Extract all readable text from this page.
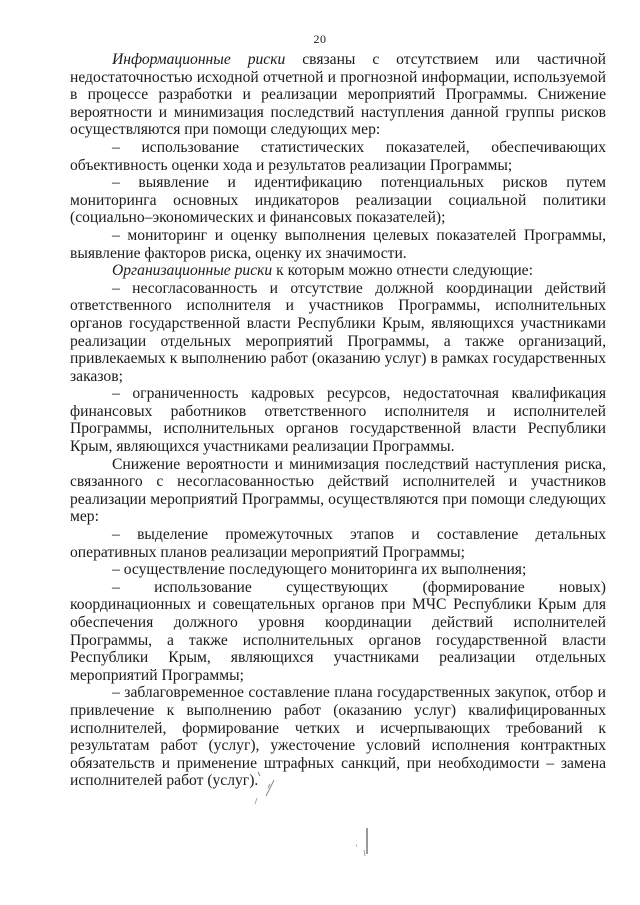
20

Информационные риски связаны с отсутствием или частичной недостаточностью исходной отчетной и прогнозной информации, используемой в процессе разработки и реализации мероприятий Программы. Снижение вероятности и минимизация последствий наступления данной группы рисков осуществляются при помощи следующих мер:

– использование статистических показателей, обеспечивающих объективность оценки хода и результатов реализации Программы;

– выявление и идентификацию потенциальных рисков путем мониторинга основных индикаторов реализации социальной политики (социально–экономических и финансовых показателей);

– мониторинг и оценку выполнения целевых показателей Программы, выявление факторов риска, оценку их значимости.

Организационные риски к которым можно отнести следующие:

– несогласованность и отсутствие должной координации действий ответственного исполнителя и участников Программы, исполнительных органов государственной власти Республики Крым, являющихся участниками реализации отдельных мероприятий Программы, а также организаций, привлекаемых к выполнению работ (оказанию услуг) в рамках государственных заказов;

– ограниченность кадровых ресурсов, недостаточная квалификация финансовых работников ответственного исполнителя и исполнителей Программы, исполнительных органов государственной власти Республики Крым, являющихся участниками реализации Программы.

Снижение вероятности и минимизация последствий наступления риска, связанного с несогласованностью действий исполнителей и участников реализации мероприятий Программы, осуществляются при помощи следующих мер:

– выделение промежуточных этапов и составление детальных оперативных планов реализации мероприятий Программы;

– осуществление последующего мониторинга их выполнения;

– использование существующих (формирование новых) координационных и совещательных органов при МЧС Республики Крым для обеспечения должного уровня координации действий исполнителей Программы, а также исполнительных органов государственной власти Республики Крым, являющихся участниками реализации отдельных мероприятий Программы;

– заблаговременное составление плана государственных закупок, отбор и привлечение к выполнению работ (оказанию услуг) квалифицированных исполнителей, формирование четких и исчерпывающих требований к результатам работ (услуг), ужесточение условий исполнения контрактных обязательств и применение штрафных санкций, при необходимости – замена исполнителей работ (услуг).
